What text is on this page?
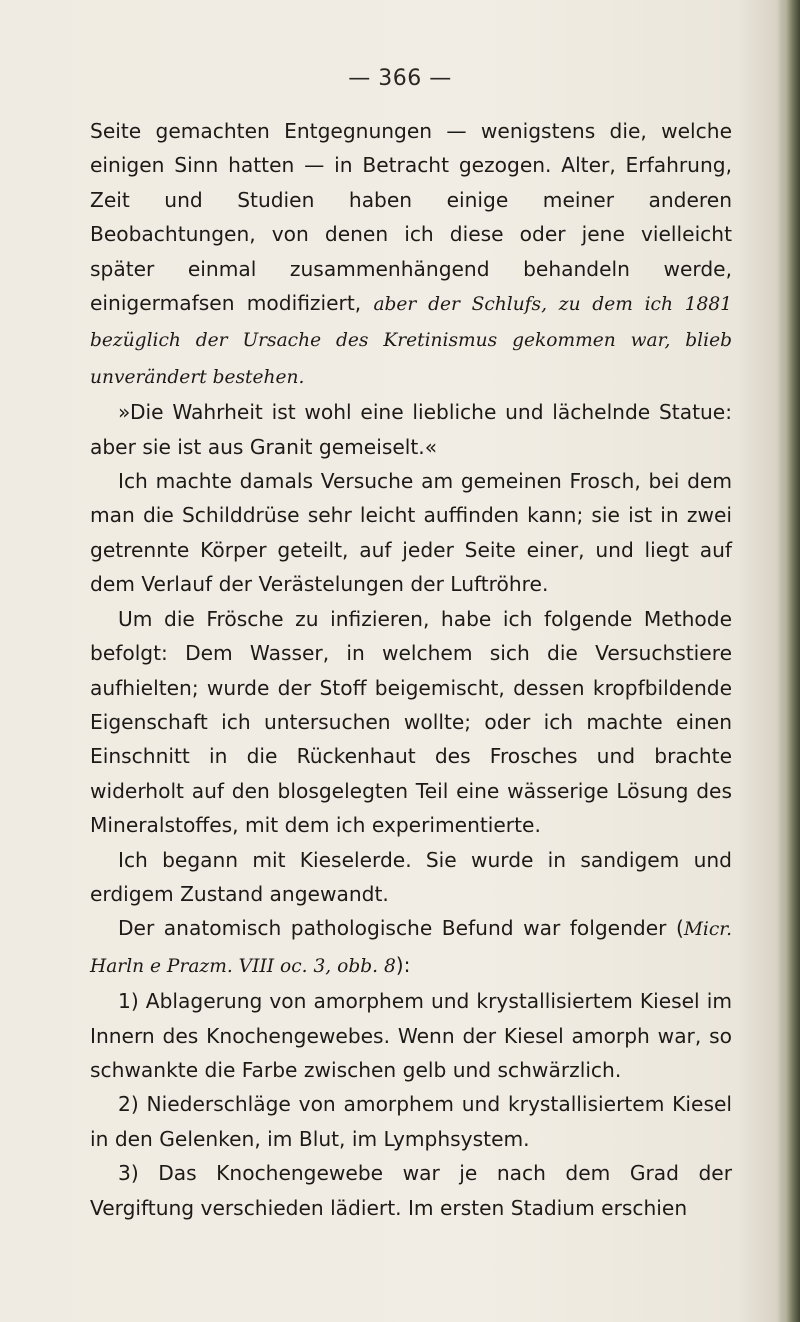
— 366 —

Seite gemachten Entgegnungen — wenigstens die, welche einigen Sinn hatten — in Betracht gezogen. Alter, Erfahrung, Zeit und Studien haben einige meiner anderen Beobachtungen, von denen ich diese oder jene vielleicht später einmal zusammenhängend behandeln werde, einigermafsen modifiziert, aber der Schlufs, zu dem ich 1881 bezüglich der Ursache des Kretinismus gekommen war, blieb unverändert bestehen.

»Die Wahrheit ist wohl eine liebliche und lächelnde Statue: aber sie ist aus Granit gemeiselt.«

Ich machte damals Versuche am gemeinen Frosch, bei dem man die Schilddrüse sehr leicht auffinden kann; sie ist in zwei getrennte Körper geteilt, auf jeder Seite einer, und liegt auf dem Verlauf der Verästelungen der Luftröhre.

Um die Frösche zu infizieren, habe ich folgende Methode befolgt: Dem Wasser, in welchem sich die Versuchstiere aufhielten; wurde der Stoff beigemischt, dessen kropfbildende Eigenschaft ich untersuchen wollte; oder ich machte einen Einschnitt in die Rückenhaut des Frosches und brachte widerholt auf den blosgelegten Teil eine wässerige Lösung des Mineralstoffes, mit dem ich experimentierte.

Ich begann mit Kieselerde. Sie wurde in sandigem und erdigem Zustand angewandt.

Der anatomisch pathologische Befund war folgender (Micr. Harln e Prazm. VIII oc. 3, obb. 8):

1) Ablagerung von amorphem und krystallisiertem Kiesel im Innern des Knochengewebes. Wenn der Kiesel amorph war, so schwankte die Farbe zwischen gelb und schwärzlich.

2) Niederschläge von amorphem und krystallisiertem Kiesel in den Gelenken, im Blut, im Lymphsystem.

3) Das Knochengewebe war je nach dem Grad der Vergiftung verschieden lädiert. Im ersten Stadium erschien
